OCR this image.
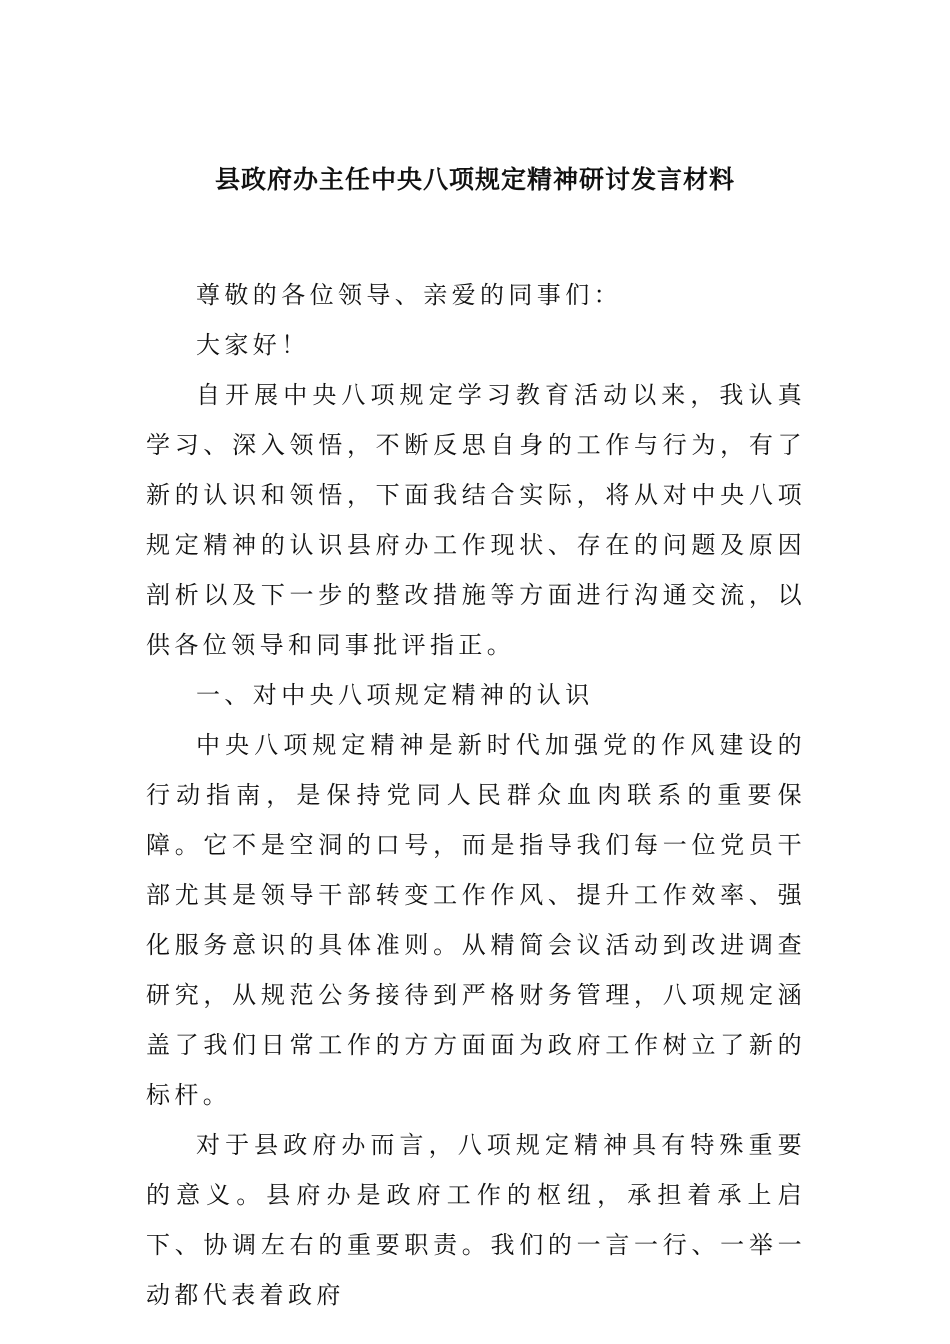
县政府办主任中央八项规定精神研讨发言材料

尊敬的各位领导、亲爱的同事们：

大家好！

自开展中央八项规定学习教育活动以来，我认真学习、深入领悟，不断反思自身的工作与行为，有了新的认识和领悟，下面我结合实际，将从对中央八项规定精神的认识县府办工作现状、存在的问题及原因剖析以及下一步的整改措施等方面进行沟通交流，以供各位领导和同事批评指正。

一、对中央八项规定精神的认识

中央八项规定精神是新时代加强党的作风建设的行动指南，是保持党同人民群众血肉联系的重要保障。它不是空洞的口号，而是指导我们每一位党员干部尤其是领导干部转变工作作风、提升工作效率、强化服务意识的具体准则。从精简会议活动到改进调查研究，从规范公务接待到严格财务管理，八项规定涵盖了我们日常工作的方方面面为政府工作树立了新的标杆。

对于县政府办而言，八项规定精神具有特殊重要的意义。县府办是政府工作的枢纽，承担着承上启下、协调左右的重要职责。我们的一言一行、一举一动都代表着政府
